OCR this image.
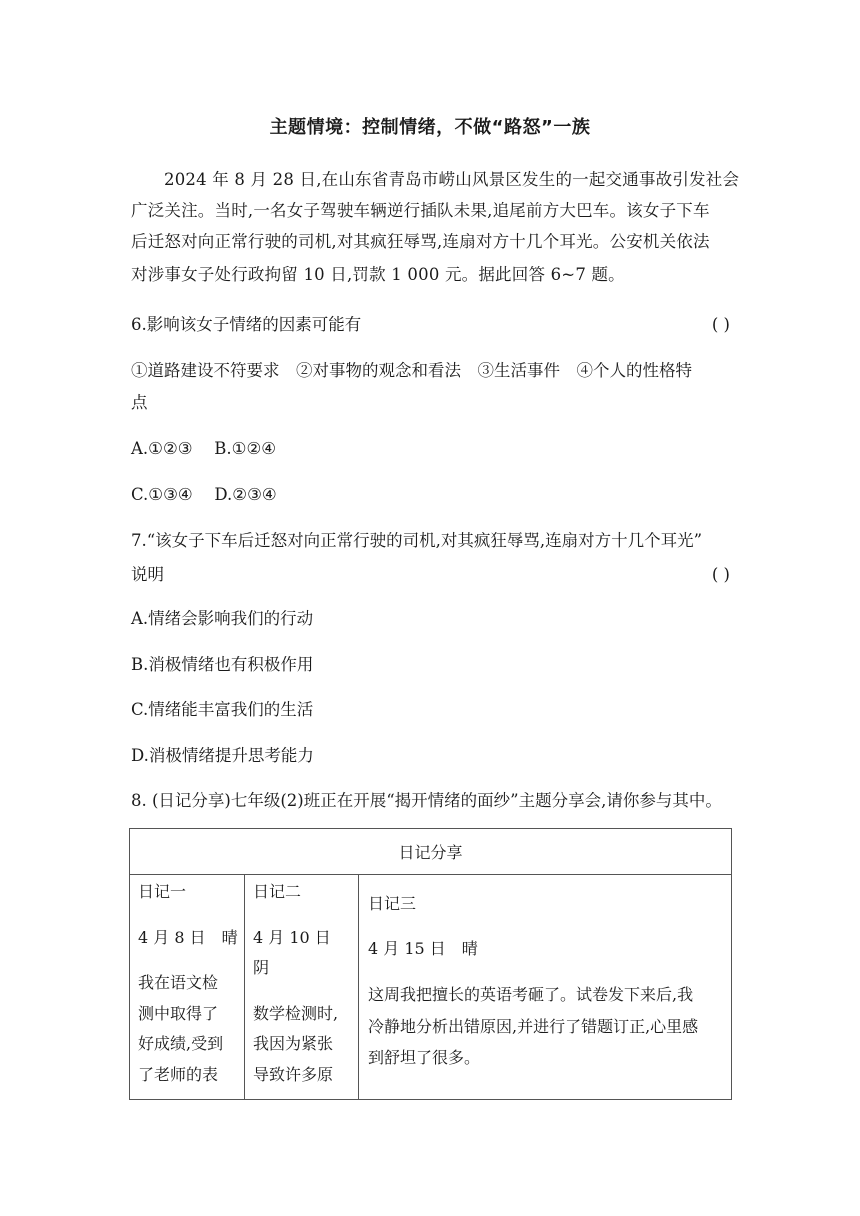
主题情境：控制情绪，不做“路怒”一族
2024 年 8 月 28 日,在山东省青岛市崂山风景区发生的一起交通事故引发社会
广泛关注。当时,一名女子驾驶车辆逆行插队未果,追尾前方大巴车。该女子下车
后迁怒对向正常行驶的司机,对其疯狂辱骂,连扇对方十几个耳光。公安机关依法
对涉事女子处行政拘留 10 日,罚款 1 000 元。据此回答 6~7 题。
6.影响该女子情绪的因素可能有	( )
①道路建设不符要求　②对事物的观念和看法　③生活事件　④个人的性格特
点
A.①②③　 B.①②④
C.①③④　 D.②③④
7.“该女子下车后迁怒对向正常行驶的司机,对其疯狂辱骂,连扇对方十几个耳光”
说明	( )
A.情绪会影响我们的行动
B.消极情绪也有积极作用
C.情绪能丰富我们的生活
D.消极情绪提升思考能力
8. (日记分享)七年级(2)班正在开展“揭开情绪的面纱”主题分享会,请你参与其中。
日记分享

日记一
4 月 8 日　晴
我在语文检
测中取得了
好成绩,受到
了老师的表

日记二
4 月 10 日
阴
数学检测时,
我因为紧张
导致许多原

日记三
4 月 15 日　晴
这周我把擅长的英语考砸了。试卷发下来后,我
冷静地分析出错原因,并进行了错题订正,心里感
到舒坦了很多。
